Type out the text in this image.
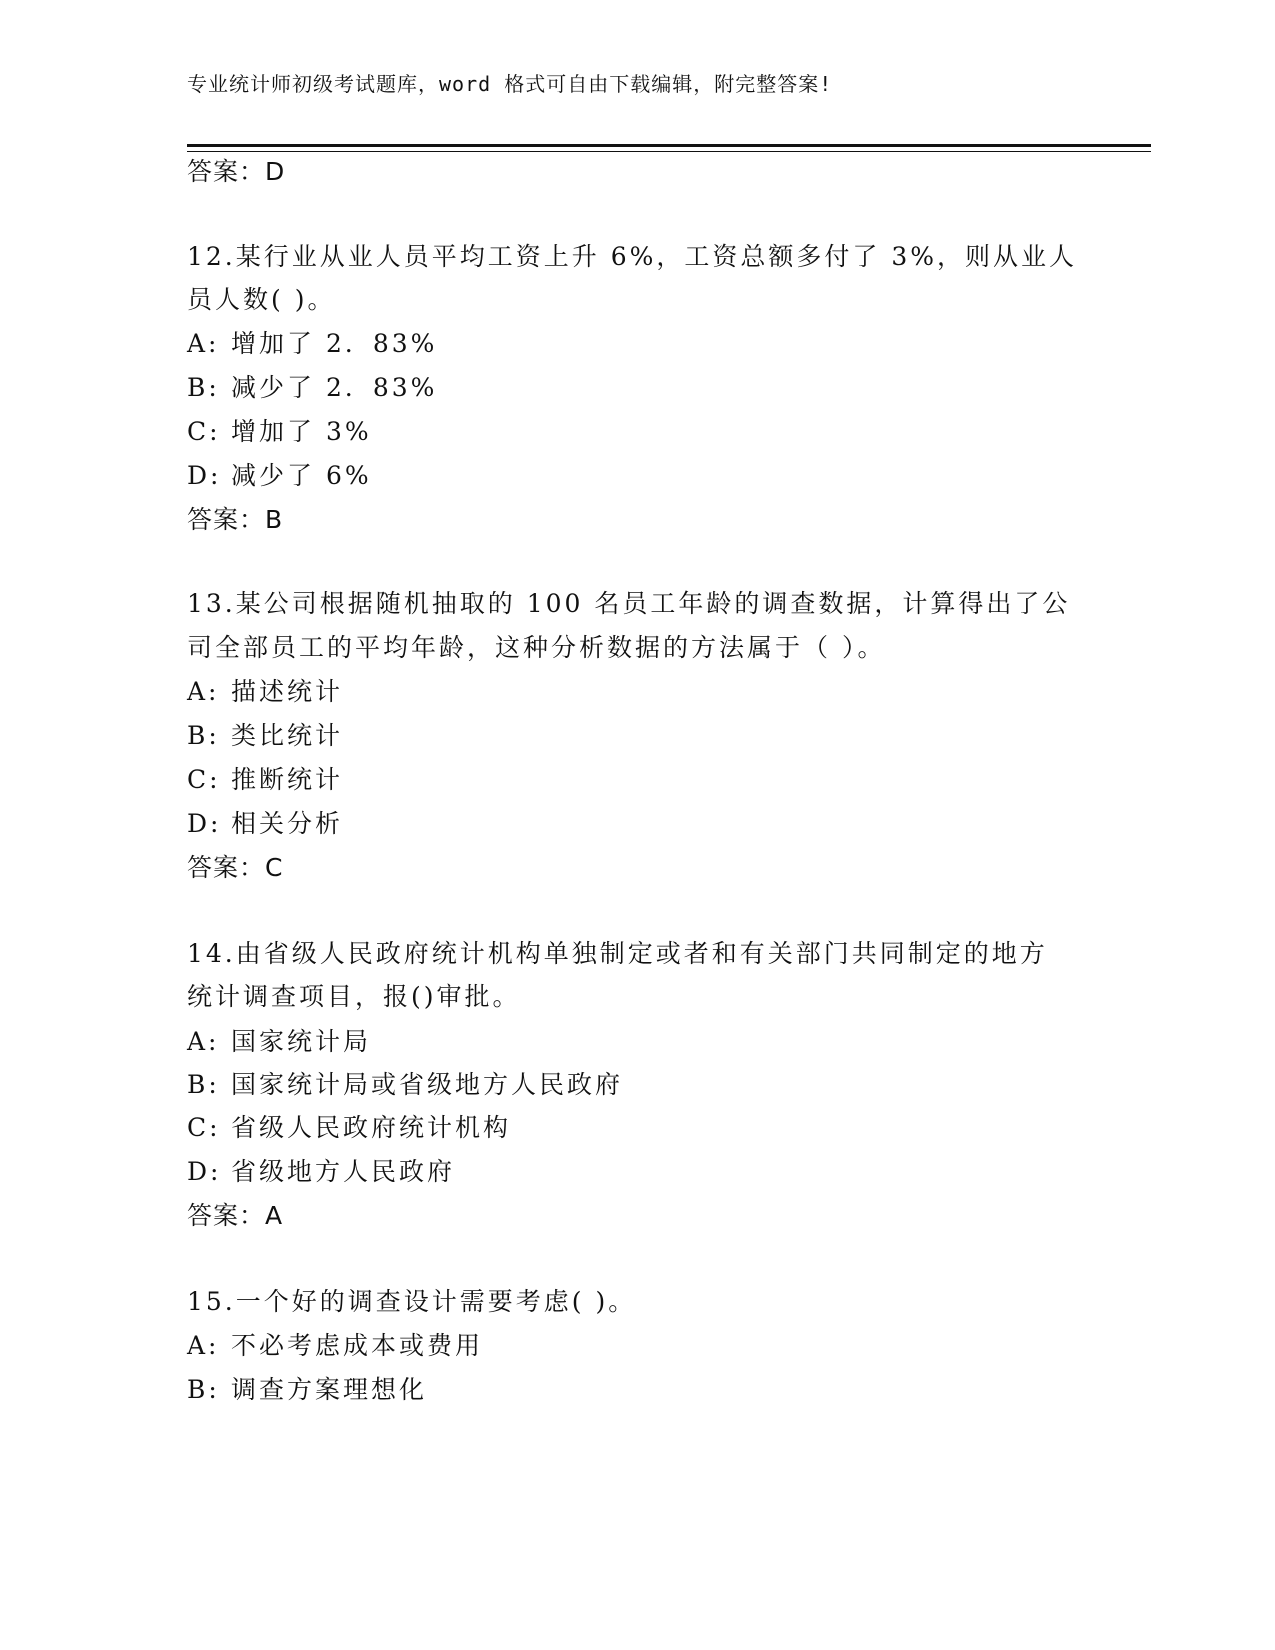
专业统计师初级考试题库，word 格式可自由下载编辑，附完整答案!
答案：D
12.某行业从业人员平均工资上升 6%，工资总额多付了 3%，则从业人
员人数( )。
A: 增加了 2．83%
B: 减少了 2．83%
C: 增加了 3%
D: 减少了 6%
答案：B
13.某公司根据随机抽取的 100 名员工年龄的调查数据，计算得出了公
司全部员工的平均年龄，这种分析数据的方法属于（ ）。
A: 描述统计
B: 类比统计
C: 推断统计
D: 相关分析
答案：C
14.由省级人民政府统计机构单独制定或者和有关部门共同制定的地方
统计调查项目，报()审批。
A: 国家统计局
B: 国家统计局或省级地方人民政府
C: 省级人民政府统计机构
D: 省级地方人民政府
答案：A
15.一个好的调查设计需要考虑( )。
A: 不必考虑成本或费用
B: 调查方案理想化
